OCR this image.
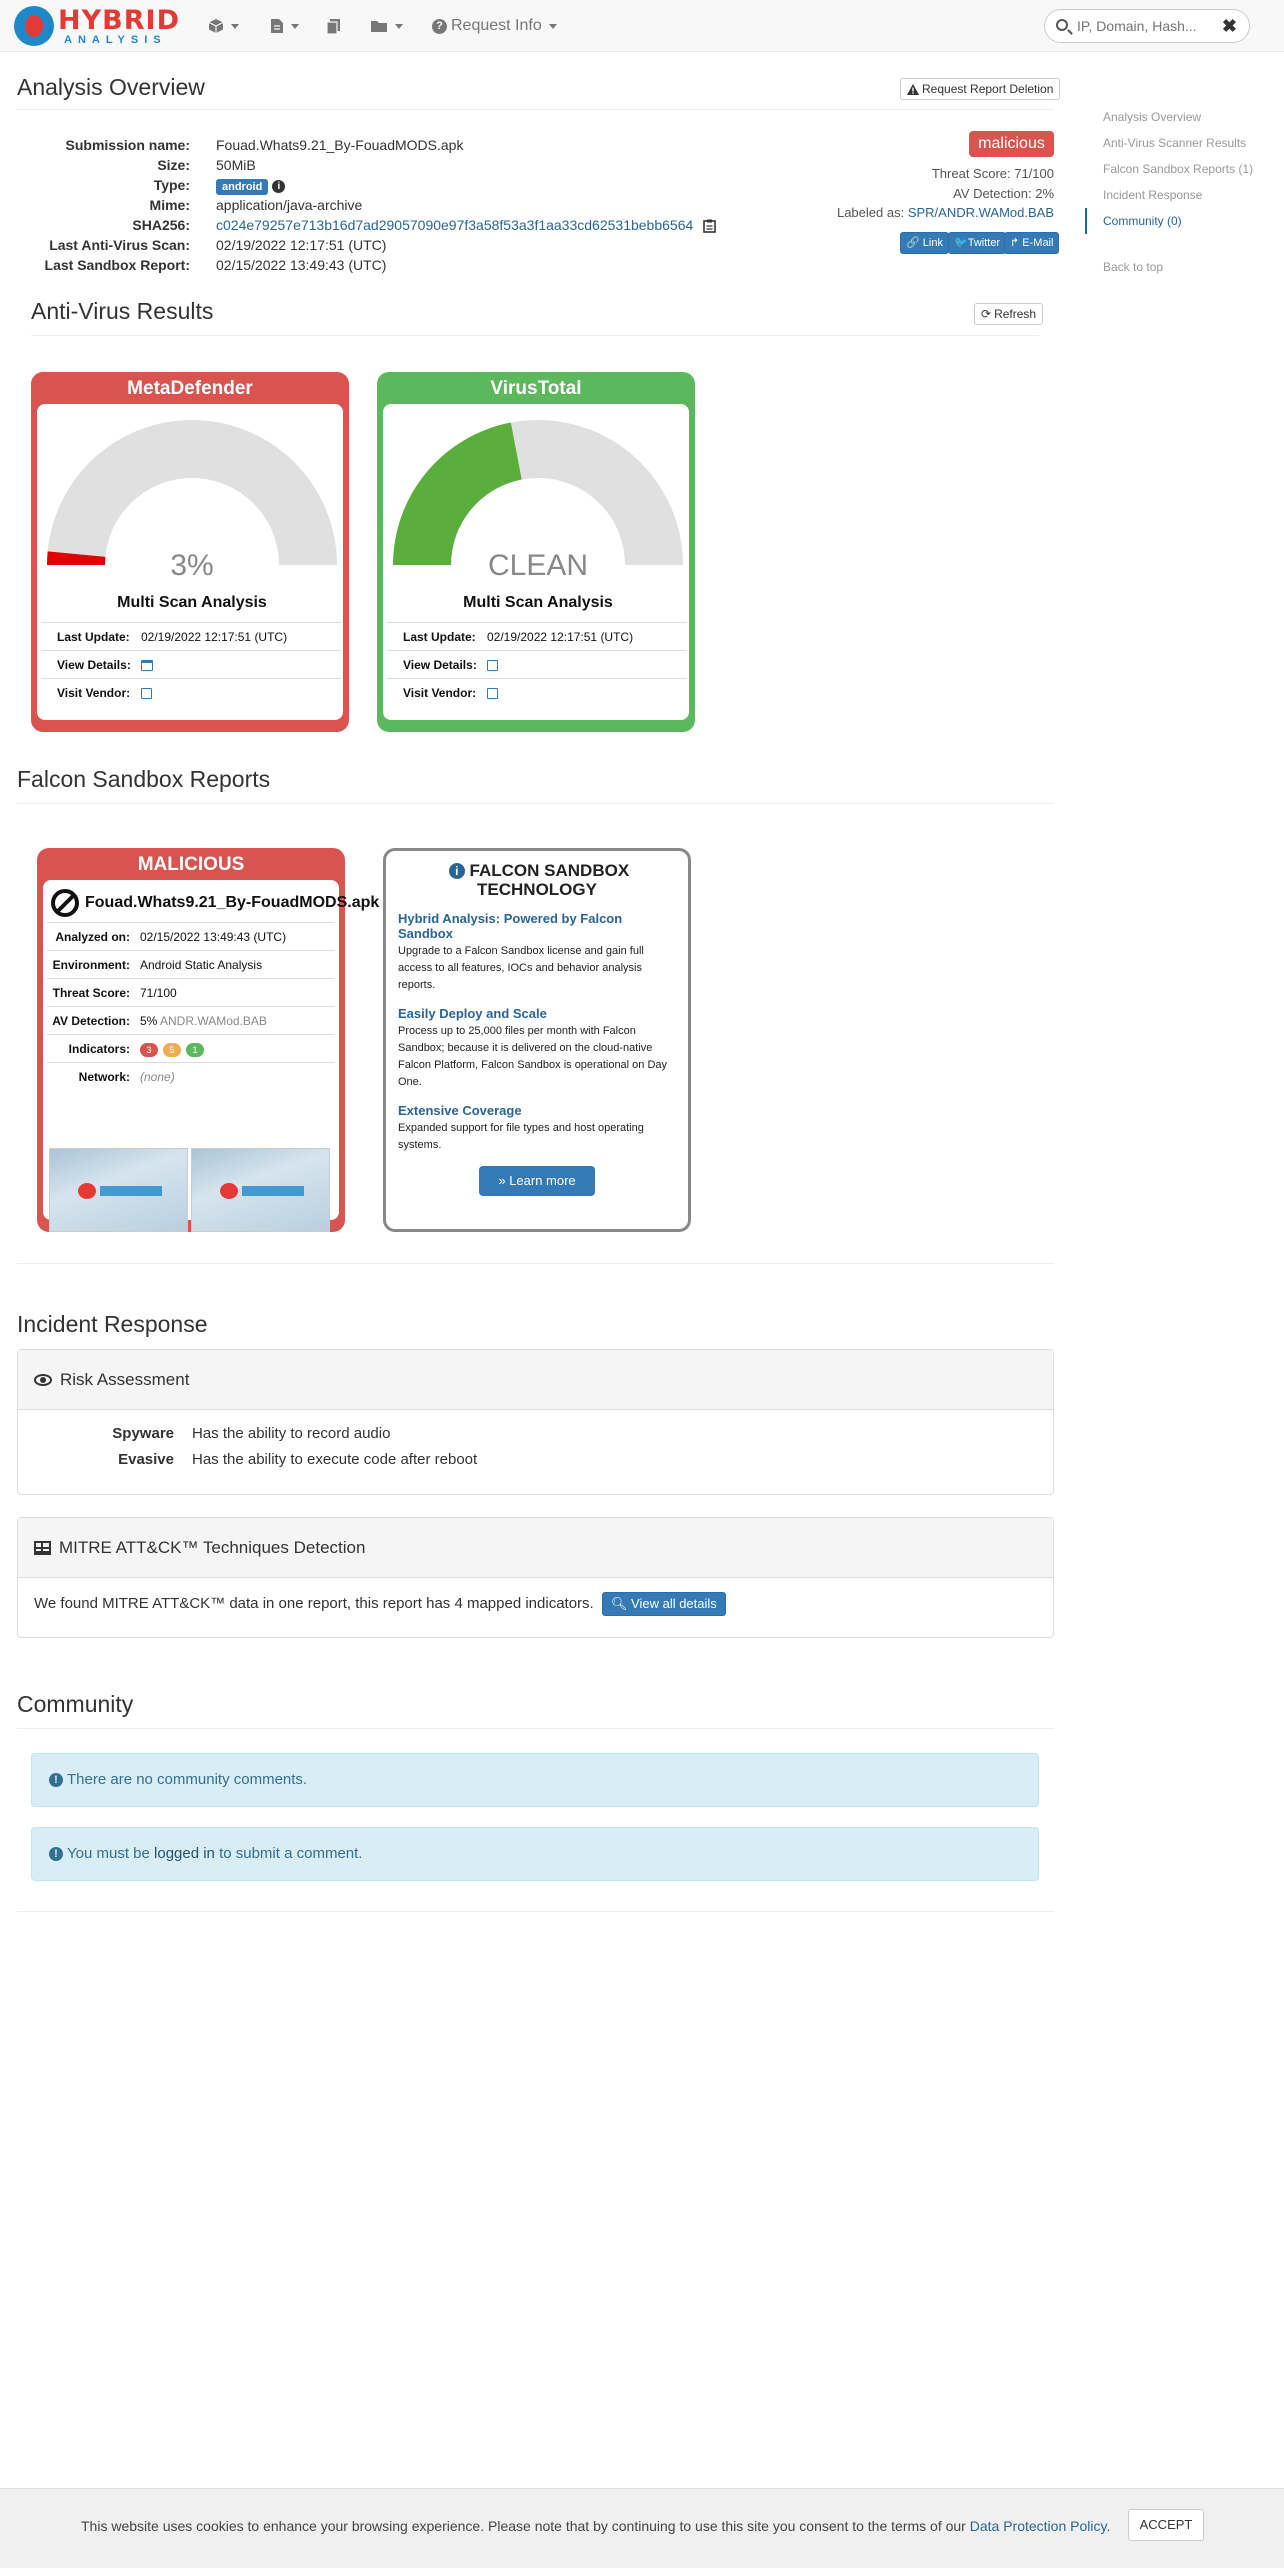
HYBRID
ANALYSIS
? Request Info
IP, Domain, Hash...	✖
Analysis Overview	Request Report Deletion
Submission name: Fouad.Whats9.21_By-FouadMODS.apk
Size: 50MiB
Type:	android i
Mime: application/java-archive
SHA256: c024e79257e713b16d7ad29057090e97f3a58f53a3f1aa33cd62531bebb6564
Last Anti-Virus Scan: 02/19/2022 12:17:51 (UTC)
Last Sandbox Report: 02/15/2022 13:49:43 (UTC)
malicious
Threat Score: 71/100
AV Detection: 2%
Labeled as: SPR/ANDR.WAMod.BAB
🔗 Link	🐦Twitter ↱ E-Mail
Analysis Overview
Anti-Virus Scanner Results
Falcon Sandbox Reports (1)
Incident Response
Community (0)
Back to top
Anti-Virus Results	⟳ Refresh
MetaDefender
3%
Multi Scan Analysis
Last Update: 02/19/2022 12:17:51 (UTC)
View Details:
Visit Vendor:
VirusTotal
CLEAN
Multi Scan Analysis
Last Update: 02/19/2022 12:17:51 (UTC)
View Details:
Visit Vendor:
Falcon Sandbox Reports
MALICIOUS
Fouad.Whats9.21_By-FouadMODS.apk
Analyzed on: 02/15/2022 13:49:43 (UTC)
Environment: Android Static Analysis
Threat Score: 71/100
AV Detection: 5% ANDR.WAMod.BAB
Indicators:	3 5 1
Network: (none)
i FALCON SANDBOX TECHNOLOGY
Hybrid Analysis: Powered by Falcon Sandbox

Upgrade to a Falcon Sandbox license and gain full access to all features, IOCs and behavior analysis reports.

Easily Deploy and Scale

Process up to 25,000 files per month with Falcon Sandbox; because it is delivered on the cloud-native Falcon Platform, Falcon Sandbox is operational on Day One.

Extensive Coverage

Expanded support for file types and host operating systems.

» Learn more
Incident Response
Risk Assessment
Spyware Has the ability to record audio
Evasive Has the ability to execute code after reboot
MITRE ATT&CK™ Techniques Detection
We found MITRE ATT&CK™ data in one report, this report has 4 mapped indicators. 🔍︎ View all details
Community
! There are no community comments.
! You must be logged in to submit a comment.
This website uses cookies to enhance your browsing experience. Please note that by continuing to use this site you consent to the terms of our Data Protection Policy.	ACCEPT
